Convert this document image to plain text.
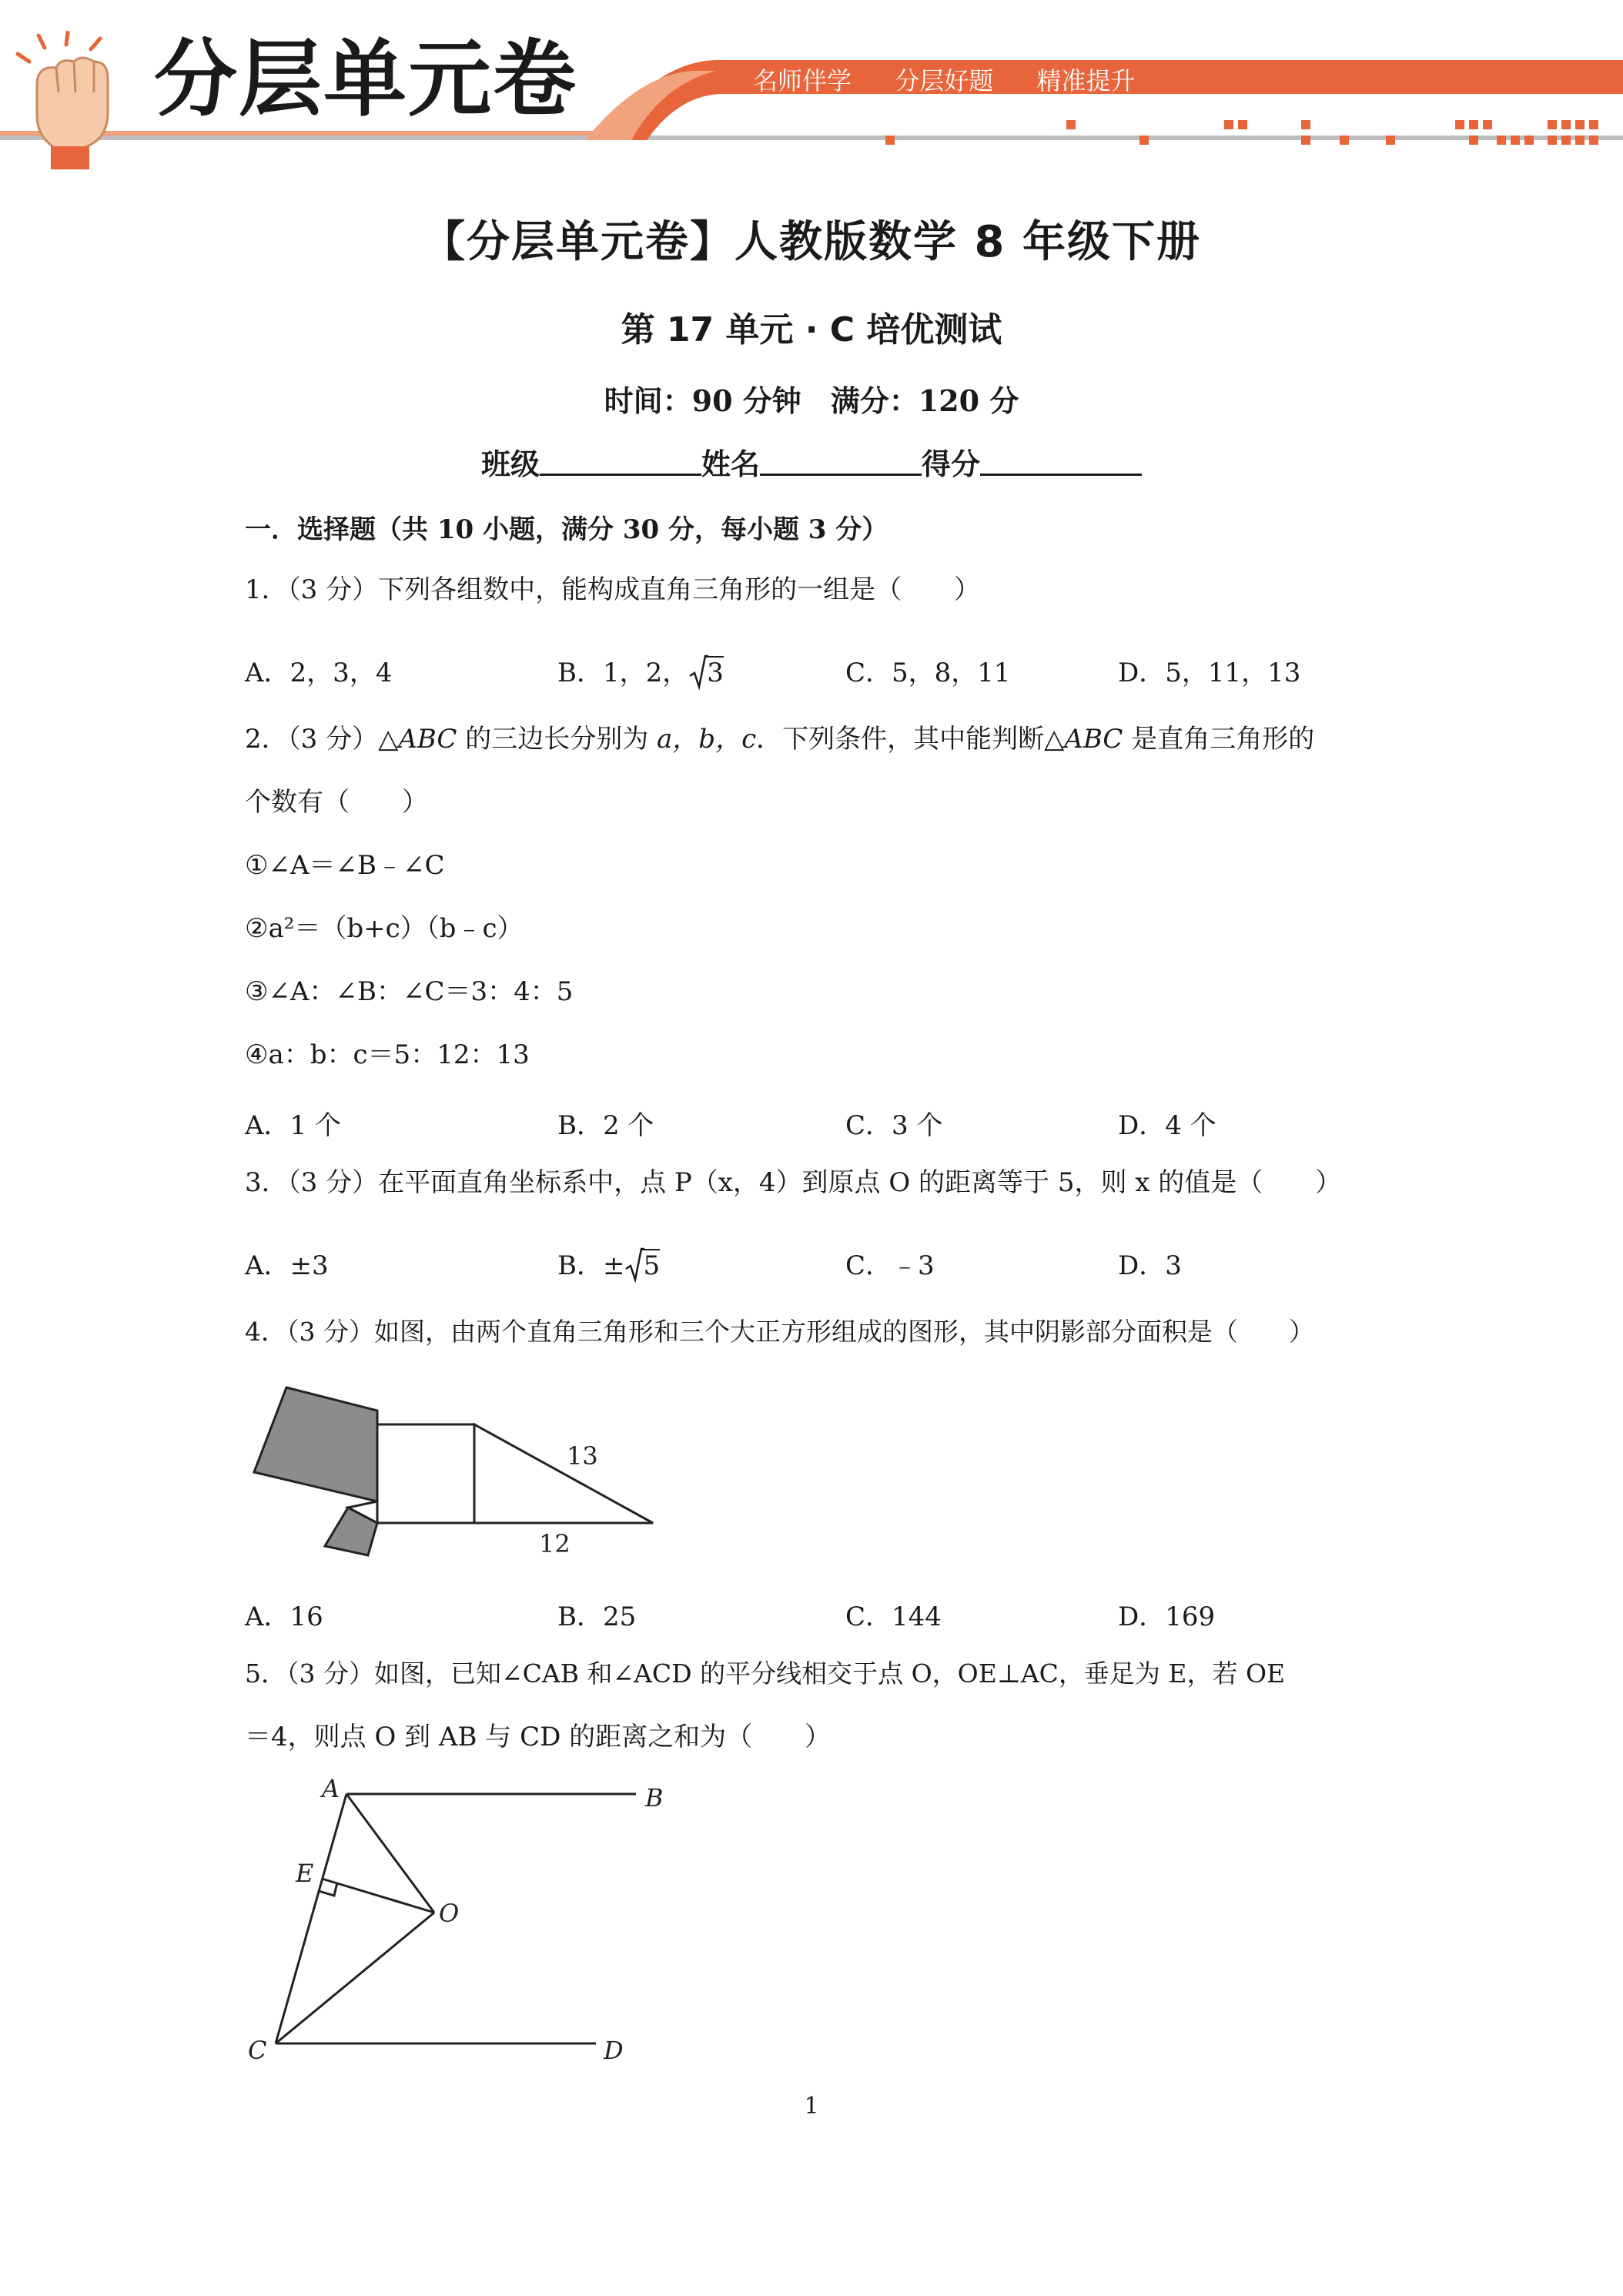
分层单元卷	名师伴学 分层好题 精准提升
【分层单元卷】人教版数学 8 年级下册
第 17 单元 · C 培优测试
时间：90 分钟　满分：120 分
班级	姓名	得分
一．选择题（共 10 小题，满分 30 分，每小题 3 分）
1．（3 分）下列各组数中，能构成直角三角形的一组是（　　）
A．2，3，4	B．1，2， 3	C．5，8，11	D．5，11，13
2．（3 分）△ABC 的三边长分别为 a，b，c．下列条件，其中能判断△ABC 是直角三角形的
个数有（　　）
①∠A＝∠B﹣∠C
②a²＝（b+c）（b﹣c）
③∠A：∠B：∠C＝3：4：5
④a：b：c＝5：12：13
A．1 个	B．2 个	C．3 个	D．4 个
3．（3 分）在平面直角坐标系中，点 P（x，4）到原点 O 的距离等于 5，则 x 的值是（　　）
A．±3	B．± 5	C．﹣3	D．3
4．（3 分）如图，由两个直角三角形和三个大正方形组成的图形，其中阴影部分面积是（　　）
13
12
A．16	B．25	C．144	D．169
5．（3 分）如图，已知∠CAB 和∠ACD 的平分线相交于点 O，OE⊥AC，垂足为 E，若 OE
＝4，则点 O 到 AB 与 CD 的距离之和为（　　）
A	B
E
O
C	D
1
